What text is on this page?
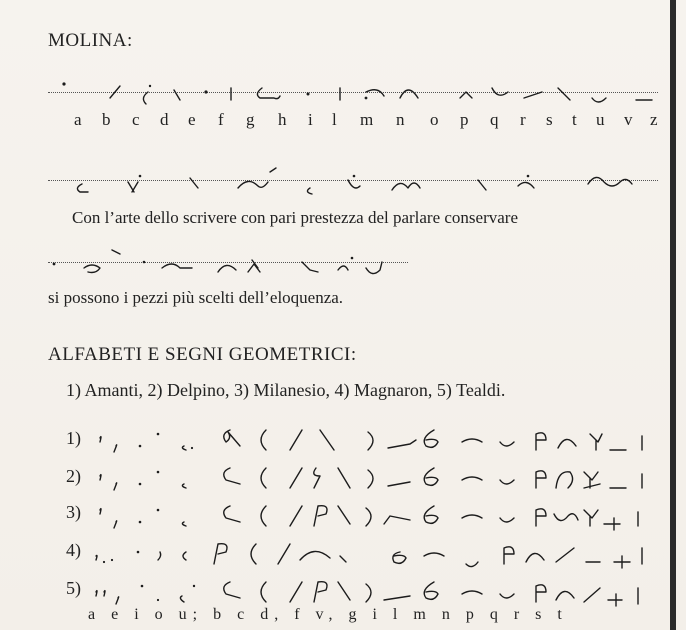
MOLINA:
a b c d e f g h i l m n o p q r s t u v z
Con l’arte dello scrivere con pari prestezza del parlare conservare
si possono i pezzi più scelti dell’eloquenza.
ALFABETI E SEGNI GEOMETRICI:
1) Amanti, 2) Delpino, 3) Milanesio, 4) Magnaron, 5) Tealdi.
1)
2)
3)
4)
5)
a e i o u; b c d, f v, g i l m n p q r s t
